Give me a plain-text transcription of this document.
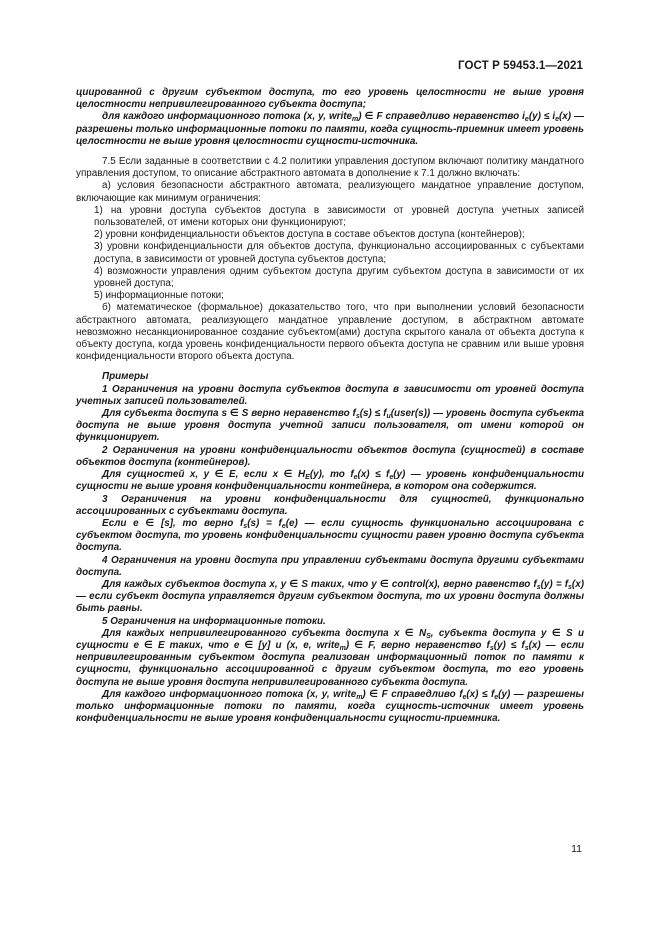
ГОСТ Р 59453.1—2021

циированной с другим субъектом доступа, то его уровень целостности не выше уровня целостности непривилегированного субъекта доступа;

для каждого информационного потока (x, y, write$_m$) ∈ F справедливо неравенство $i_e(y) \le i_e(x)$ — разрешены только информационные потоки по памяти, когда сущность-приемник имеет уровень целостности не выше уровня целостности сущности-источника.

7.5 Если заданные в соответствии с 4.2 политики управления доступом включают политику мандатного управления доступом, то описание абстрактного автомата в дополнение к 7.1 должно включать:

а) условия безопасности абстрактного автомата, реализующего мандатное управление доступом, включающие как минимум ограничения:

1) на уровни доступа субъектов доступа в зависимости от уровней доступа учетных записей пользователей, от имени которых они функционируют;

2) уровни конфиденциальности объектов доступа в составе объектов доступа (контейнеров);

3) уровни конфиденциальности для объектов доступа, функционально ассоциированных с субъектами доступа, в зависимости от уровней доступа субъектов доступа;

4) возможности управления одним субъектом доступа другим субъектом доступа в зависимости от их уровней доступа;

5) информационные потоки;

б) математическое (формальное) доказательство того, что при выполнении условий безопасности абстрактного автомата, реализующего мандатное управление доступом, в абстрактном автомате невозможно несанкционированное создание субъектом(ами) доступа скрытого канала от объекта доступа к объекту доступа, когда уровень конфиденциальности первого объекта доступа не сравним или выше уровня конфиденциальности второго объекта доступа.

Примеры

1 Ограничения на уровни доступа субъектов доступа в зависимости от уровней доступа учетных записей пользователей.

Для субъекта доступа s ∈ S верно неравенство $f_s(s)$ ≤ $f_u(user(s))$ — уровень доступа субъекта доступа не выше уровня доступа учетной записи пользователя, от имени которой он функционирует.

2 Ограничения на уровни конфиденциальности объектов доступа (сущностей) в составе объектов доступа (контейнеров).

Для сущностей x, y ∈ E, если x ∈ $H_E(y)$, то $f_e(x) \le f_e(y)$ — уровень конфиденциальности сущности не выше уровня конфиденциальности контейнера, в котором она содержится.

3 Ограничения на уровни конфиденциальности для сущностей, функционально ассоциированных с субъектами доступа.

Если e ∈ [s], то верно $f_s(s) = f_e(e)$ — если сущность функционально ассоциирована с субъектом доступа, то уровень конфиденциальности сущности равен уровню доступа субъекта доступа.

4 Ограничения на уровни доступа при управлении субъектами доступа другими субъектами доступа.

Для каждых субъектов доступа x, y ∈ S таких, что y ∈ control(x), верно равенство $f_s(y) = f_s(x)$ — если субъект доступа управляется другим субъектом доступа, то их уровни доступа должны быть равны.

5 Ограничения на информационные потоки.

Для каждых непривилегированного субъекта доступа x ∈ $N_S$, субъекта доступа y ∈ S и сущности e ∈ E таких, что e ∈ [y] и (x, e, write$_m$) ∈ F, верно неравенство $f_s(y) \le f_s(x)$ — если непривилегированным субъектом доступа реализован информационный поток по памяти к сущности, функционально ассоциированной с другим субъектом доступа, то его уровень доступа не выше уровня доступа непривилегированного субъекта доступа.

Для каждого информационного потока (x, y, write$_m$) ∈ F справедливо $f_e(x) \le f_e(y)$ — разрешены только информационные потоки по памяти, когда сущность-источник имеет уровень конфиденциальности не выше уровня конфиденциальности сущности-приемника.

11
